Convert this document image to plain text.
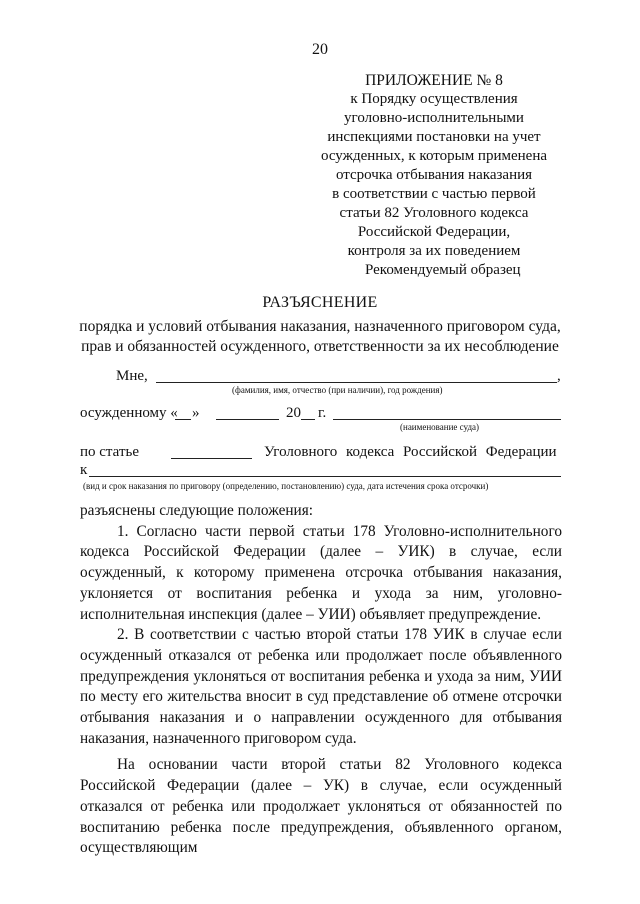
20
ПРИЛОЖЕНИЕ № 8
к Порядку осуществления
уголовно-исполнительными
инспекциями постановки на учет
осужденных, к которым применена
отсрочка отбывания наказания
в соответствии с частью первой
статьи 82 Уголовного кодекса
Российской Федерации,
контроля за их поведением
Рекомендуемый образец
РАЗЪЯСНЕНИЕ
порядка и условий отбывания наказания, назначенного приговором суда,
прав и обязанностей осужденного, ответственности за их несоблюдение
Мне,	,
(фамилия, имя, отчество (при наличии), год рождения)
осужденному « »	20 г.
(наименование суда)
по статье	Уголовного кодекса Российской Федерации
к
(вид и срок наказания по приговору (определению, постановлению) суда, дата истечения срока отсрочки)

разъяснены следующие положения:

1. Согласно части первой статьи 178 Уголовно-исполнительного кодекса Российской Федерации (далее – УИК) в случае, если осужденный, к которому применена отсрочка отбывания наказания, уклоняется от воспитания ребенка и ухода за ним, уголовно-исполнительная инспекция (далее – УИИ) объявляет предупреждение.

2. В соответствии с частью второй статьи 178 УИК в случае если осужденный отказался от ребенка или продолжает после объявленного предупреждения уклоняться от воспитания ребенка и ухода за ним, УИИ по месту его жительства вносит в суд представление об отмене отсрочки отбывания наказания и о направлении осужденного для отбывания наказания, назначенного приговором суда.

На основании части второй статьи 82 Уголовного кодекса Российской Федерации (далее – УК) в случае, если осужденный отказался от ребенка или продолжает уклоняться от обязанностей по воспитанию ребенка после предупреждения, объявленного органом, осуществляющим
